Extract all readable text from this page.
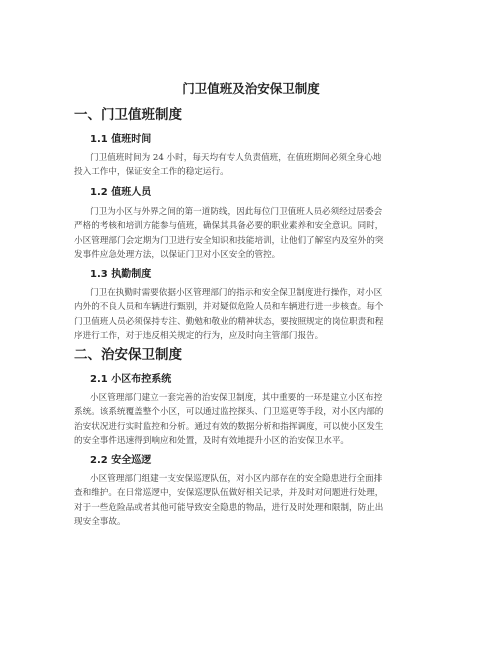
门卫值班及治安保卫制度
一、门卫值班制度
1.1 值班时间
门卫值班时间为 24 小时，每天均有专人负责值班，在值班期间必须全身心地
投入工作中，保证安全工作的稳定运行。
1.2 值班人员
门卫为小区与外界之间的第一道防线，因此每位门卫值班人员必须经过居委会
严格的考核和培训方能参与值班，确保其具备必要的职业素养和安全意识。同时，
小区管理部门会定期为门卫进行安全知识和技能培训，让他们了解室内及室外的突
发事件应急处理方法，以保证门卫对小区安全的管控。
1.3 执勤制度
门卫在执勤时需要依据小区管理部门的指示和安全保卫制度进行操作，对小区
内外的不良人员和车辆进行甄别，并对疑似危险人员和车辆进行进一步核查。每个
门卫值班人员必须保持专注、勤勉和敬业的精神状态，要按照规定的岗位职责和程
序进行工作，对于违反相关规定的行为，应及时向主管部门报告。
二、治安保卫制度
2.1 小区布控系统
小区管理部门建立一套完善的治安保卫制度，其中重要的一环是建立小区布控
系统。该系统覆盖整个小区，可以通过监控探头、门卫巡更等手段，对小区内部的
治安状况进行实时监控和分析。通过有效的数据分析和指挥调度，可以使小区发生
的安全事件迅速得到响应和处置，及时有效地提升小区的治安保卫水平。
2.2 安全巡逻
小区管理部门组建一支安保巡逻队伍，对小区内部存在的安全隐患进行全面排
查和维护。在日常巡逻中，安保巡逻队伍做好相关记录，并及时对问题进行处理，
对于一些危险品或者其他可能导致安全隐患的物品，进行及时处理和限制，防止出
现安全事故。
